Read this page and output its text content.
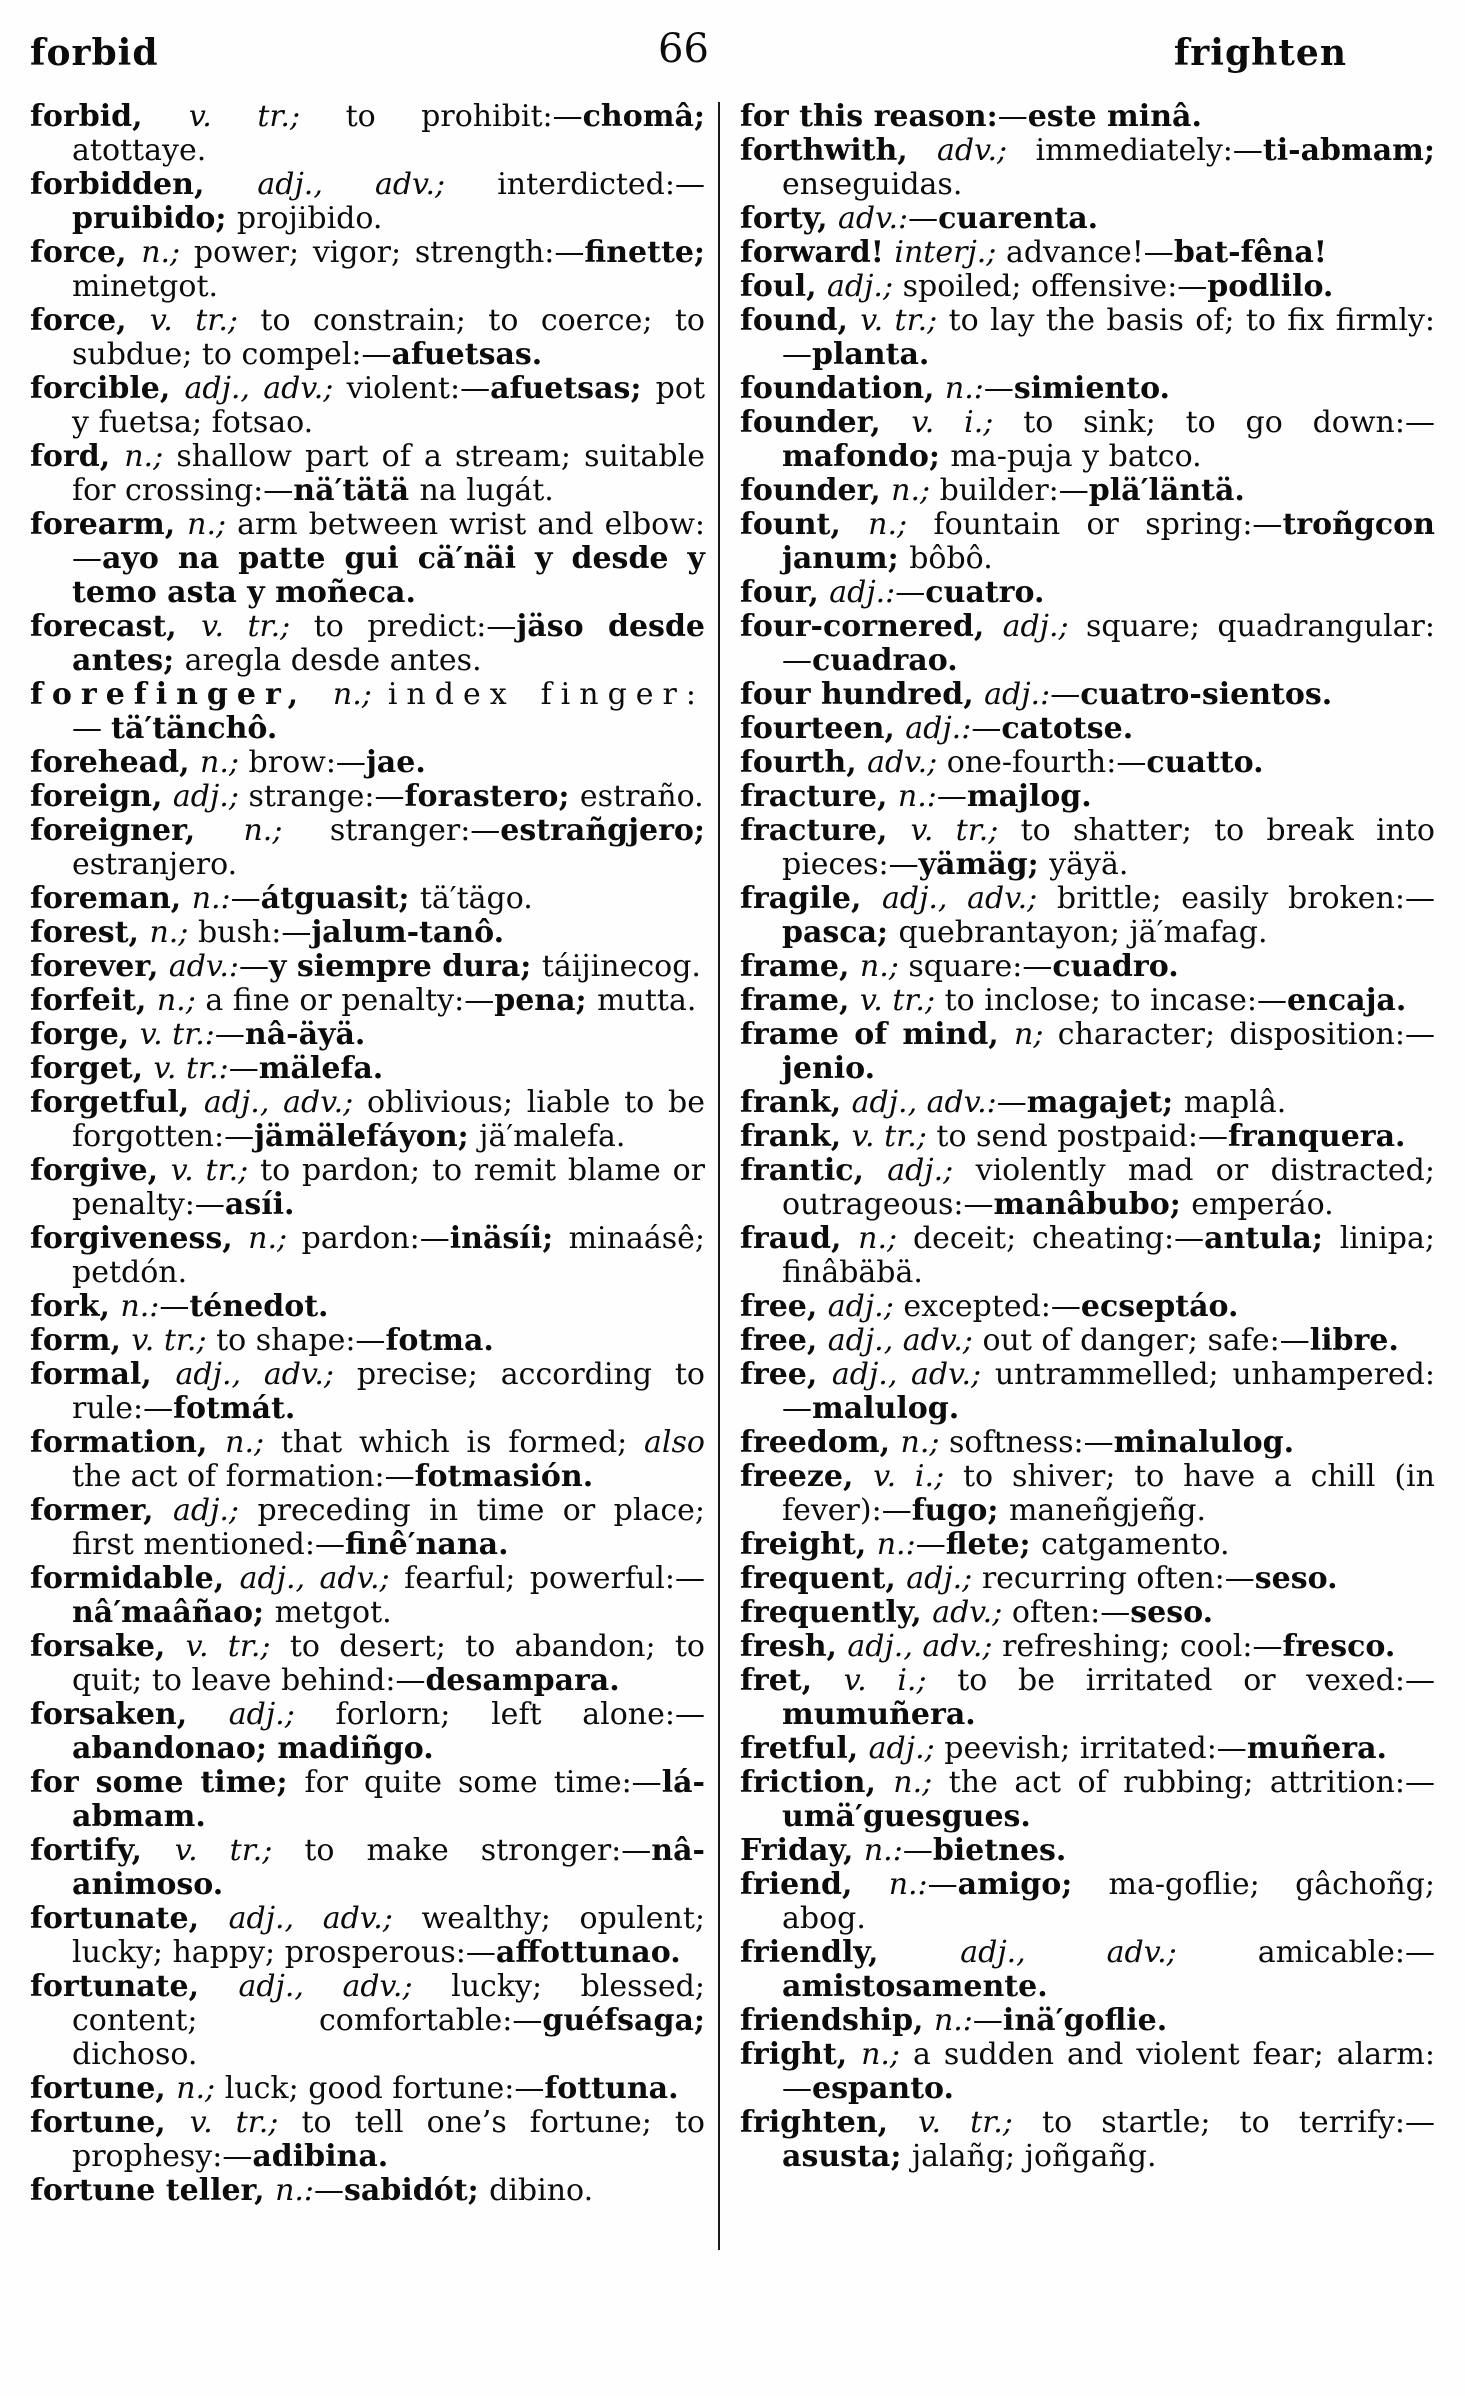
forbid	66	frighten

forbid, v. tr.; to prohibit:—chomâ; atottaye.

forbidden, adj., adv.; interdicted:—pruibido; projibido.

force, n.; power; vigor; strength:—finette; minetgot.

force, v. tr.; to constrain; to coerce; to subdue; to compel:—afuetsas.

forcible, adj., adv.; violent:—afuetsas; pot y fuetsa; fotsao.

ford, n.; shallow part of a stream; suitable for crossing:—nä′tätä na lugát.

forearm, n.; arm between wrist and elbow:—ayo na patte gui cä′näi y desde y temo asta y moñeca.

forecast, v. tr.; to predict:—jäso desde antes; aregla desde antes.

forefinger, n.; index finger:—tä′tänchô.

forehead, n.; brow:—jae.

foreign, adj.; strange:—forastero; estraño.

foreigner, n.; stranger:—estrañgjero; estranjero.

foreman, n.:—átguasit; tä′tägo.

forest, n.; bush:—jalum-tanô.

forever, adv.:—y siempre dura; táijinecog.

forfeit, n.; a fine or penalty:—pena; mutta.

forge, v. tr.:—nâ-äyä.

forget, v. tr.:—mälefa.

forgetful, adj., adv.; oblivious; liable to be forgotten:—jämälefáyon; jä′malefa.

forgive, v. tr.; to pardon; to remit blame or penalty:—asíi.

forgiveness, n.; pardon:—inäsíi; minaásê; petdón.

fork, n.:—ténedot.

form, v. tr.; to shape:—fotma.

formal, adj., adv.; precise; according to rule:—fotmát.

formation, n.; that which is formed; also the act of formation:—fotmasión.

former, adj.; preceding in time or place; first mentioned:—finê′nana.

formidable, adj., adv.; fearful; powerful:—nâ′maâñao; metgot.

forsake, v. tr.; to desert; to abandon; to quit; to leave behind:—desampara.

forsaken, adj.; forlorn; left alone:—abandonao; madiñgo.

for some time; for quite some time:—lá-abmam.

fortify, v. tr.; to make stronger:—nâ-animoso.

fortunate, adj., adv.; wealthy; opulent; lucky; happy; prosperous:—affottunao.

fortunate, adj., adv.; lucky; blessed; content; comfortable:—guéfsaga; dichoso.

fortune, n.; luck; good fortune:—fottuna.

fortune, v. tr.; to tell one’s fortune; to prophesy:—adibina.

fortune teller, n.:—sabidót; dibino.

for this reason:—este minâ.

forthwith, adv.; immediately:—ti-abmam; enseguidas.

forty, adv.:—cuarenta.

forward! interj.; advance!—bat-fêna!

foul, adj.; spoiled; offensive:—podlilo.

found, v. tr.; to lay the basis of; to fix firmly:—planta.

foundation, n.:—simiento.

founder, v. i.; to sink; to go down:—mafondo; ma-puja y batco.

founder, n.; builder:—plä′läntä.

fount, n.; fountain or spring:—troñgcon janum; bôbô.

four, adj.:—cuatro.

four-cornered, adj.; square; quadrangular:—cuadrao.

four hundred, adj.:—cuatro-sientos.

fourteen, adj.:—catotse.

fourth, adv.; one-fourth:—cuatto.

fracture, n.:—majlog.

fracture, v. tr.; to shatter; to break into pieces:—yämäg; yäyä.

fragile, adj., adv.; brittle; easily broken:—pasca; quebrantayon; jä′mafag.

frame, n.; square:—cuadro.

frame, v. tr.; to inclose; to incase:—encaja.

frame of mind, n; character; disposition:—jenio.

frank, adj., adv.:—magajet; maplâ.

frank, v. tr.; to send postpaid:—franquera.

frantic, adj.; violently mad or distracted; outrageous:—manâbubo; emperáo.

fraud, n.; deceit; cheating:—antula; linipa; finâbäbä.

free, adj.; excepted:—ecseptáo.

free, adj., adv.; out of danger; safe:—libre.

free, adj., adv.; untrammelled; unhampered:—malulog.

freedom, n.; softness:—minalulog.

freeze, v. i.; to shiver; to have a chill (in fever):—fugo; maneñgjeñg.

freight, n.:—flete; catgamento.

frequent, adj.; recurring often:—seso.

frequently, adv.; often:—seso.

fresh, adj., adv.; refreshing; cool:—fresco.

fret, v. i.; to be irritated or vexed:—mumuñera.

fretful, adj.; peevish; irritated:—muñera.

friction, n.; the act of rubbing; attrition:—umä′guesgues.

Friday, n.:—bietnes.

friend, n.:—amigo; ma-goflie; gâchoñg; abog.

friendly, adj., adv.; amicable:—amistosamente.

friendship, n.:—inä′goflie.

fright, n.; a sudden and violent fear; alarm:—espanto.

frighten, v. tr.; to startle; to terrify:—asusta; jalañg; joñgañg.
